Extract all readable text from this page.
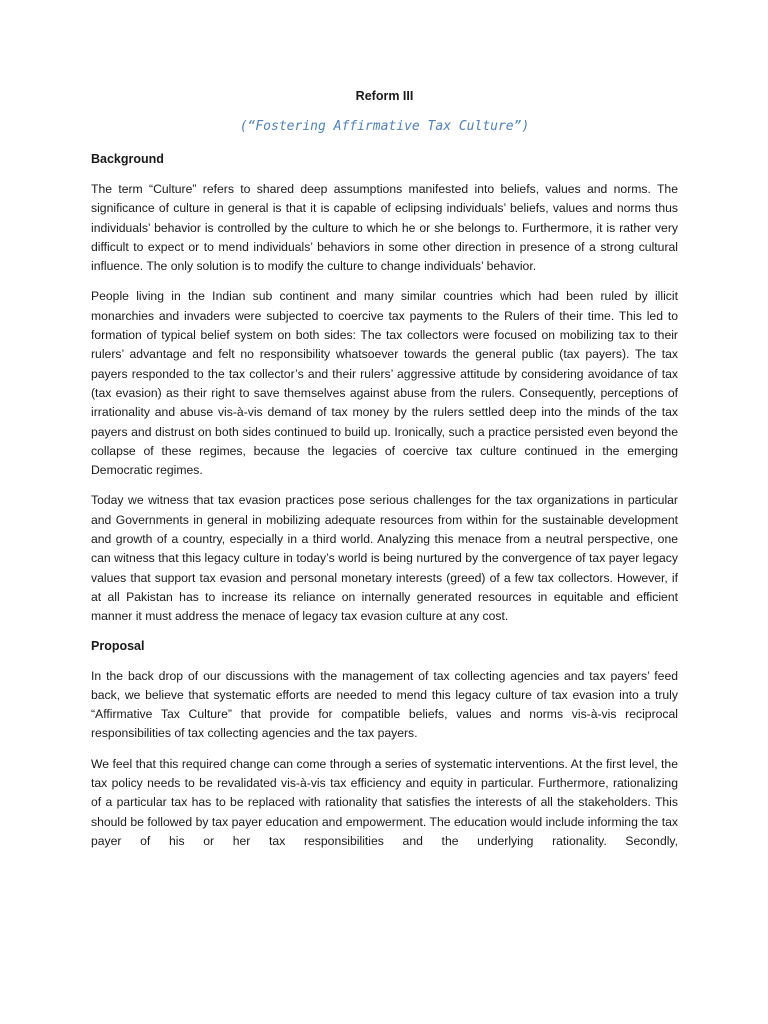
Reform III
(“Fostering Affirmative Tax Culture”)
Background

The term “Culture” refers to shared deep assumptions manifested into beliefs, values and norms. The significance of culture in general is that it is capable of eclipsing individuals’ beliefs, values and norms thus individuals’ behavior is controlled by the culture to which he or she belongs to. Furthermore, it is rather very difficult to expect or to mend individuals’ behaviors in some other direction in presence of a strong cultural influence. The only solution is to modify the culture to change individuals’ behavior.

People living in the Indian sub continent and many similar countries which had been ruled by illicit monarchies and invaders were subjected to coercive tax payments to the Rulers of their time. This led to formation of typical belief system on both sides: The tax collectors were focused on mobilizing tax to their rulers’ advantage and felt no responsibility whatsoever towards the general public (tax payers). The tax payers responded to the tax collector’s and their rulers’ aggressive attitude by considering avoidance of tax (tax evasion) as their right to save themselves against abuse from the rulers. Consequently, perceptions of irrationality and abuse vis-à-vis demand of tax money by the rulers settled deep into the minds of the tax payers and distrust on both sides continued to build up. Ironically, such a practice persisted even beyond the collapse of these regimes, because the legacies of coercive tax culture continued in the emerging Democratic regimes.

Today we witness that tax evasion practices pose serious challenges for the tax organizations in particular and Governments in general in mobilizing adequate resources from within for the sustainable development and growth of a country, especially in a third world. Analyzing this menace from a neutral perspective, one can witness that this legacy culture in today’s world is being nurtured by the convergence of tax payer legacy values that support tax evasion and personal monetary interests (greed) of a few tax collectors. However, if at all Pakistan has to increase its reliance on internally generated resources in equitable and efficient manner it must address the menace of legacy tax evasion culture at any cost.

Proposal

In the back drop of our discussions with the management of tax collecting agencies and tax payers’ feed back, we believe that systematic efforts are needed to mend this legacy culture of tax evasion into a truly “Affirmative Tax Culture” that provide for compatible beliefs, values and norms vis-à-vis reciprocal responsibilities of tax collecting agencies and the tax payers.

We feel that this required change can come through a series of systematic interventions. At the first level, the tax policy needs to be revalidated vis-à-vis tax efficiency and equity in particular. Furthermore, rationalizing of a particular tax has to be replaced with rationality that satisfies the interests of all the stakeholders. This should be followed by tax payer education and empowerment. The education would include informing the tax payer of his or her tax responsibilities and the underlying rationality. Secondly,
